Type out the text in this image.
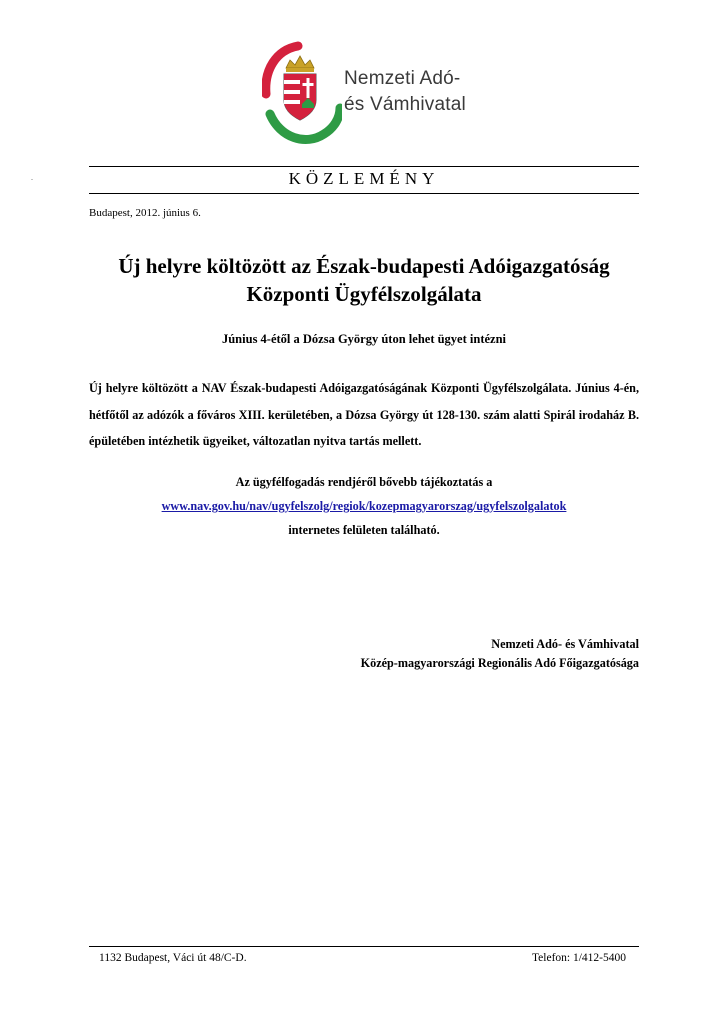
Nemzeti Adó-
és Vámhivatal
.	KÖZLEMÉNY
Budapest, 2012. június 6.
Új helyre költözött az Észak-budapesti Adóigazgatóság
Központi Ügyfélszolgálata
Június 4-étől a Dózsa György úton lehet ügyet intézni
Új helyre költözött a NAV Észak-budapesti Adóigazgatóságának Központi Ügyfélszolgálata. Június 4-én, hétfőtől az adózók a főváros XIII. kerületében, a Dózsa György út 128-130. szám alatti Spirál irodaház B. épületében intézhetik ügyeiket, változatlan nyitva tartás mellett.
Az ügyfélfogadás rendjéről bővebb tájékoztatás a
www.nav.gov.hu/nav/ugyfelszolg/regiok/kozepmagyarorszag/ugyfelszolgalatok
internetes felületen található.
Nemzeti Adó- és Vámhivatal
Közép-magyarországi Regionális Adó Főigazgatósága
1132 Budapest, Váci út 48/C-D.	Telefon: 1/412-5400
